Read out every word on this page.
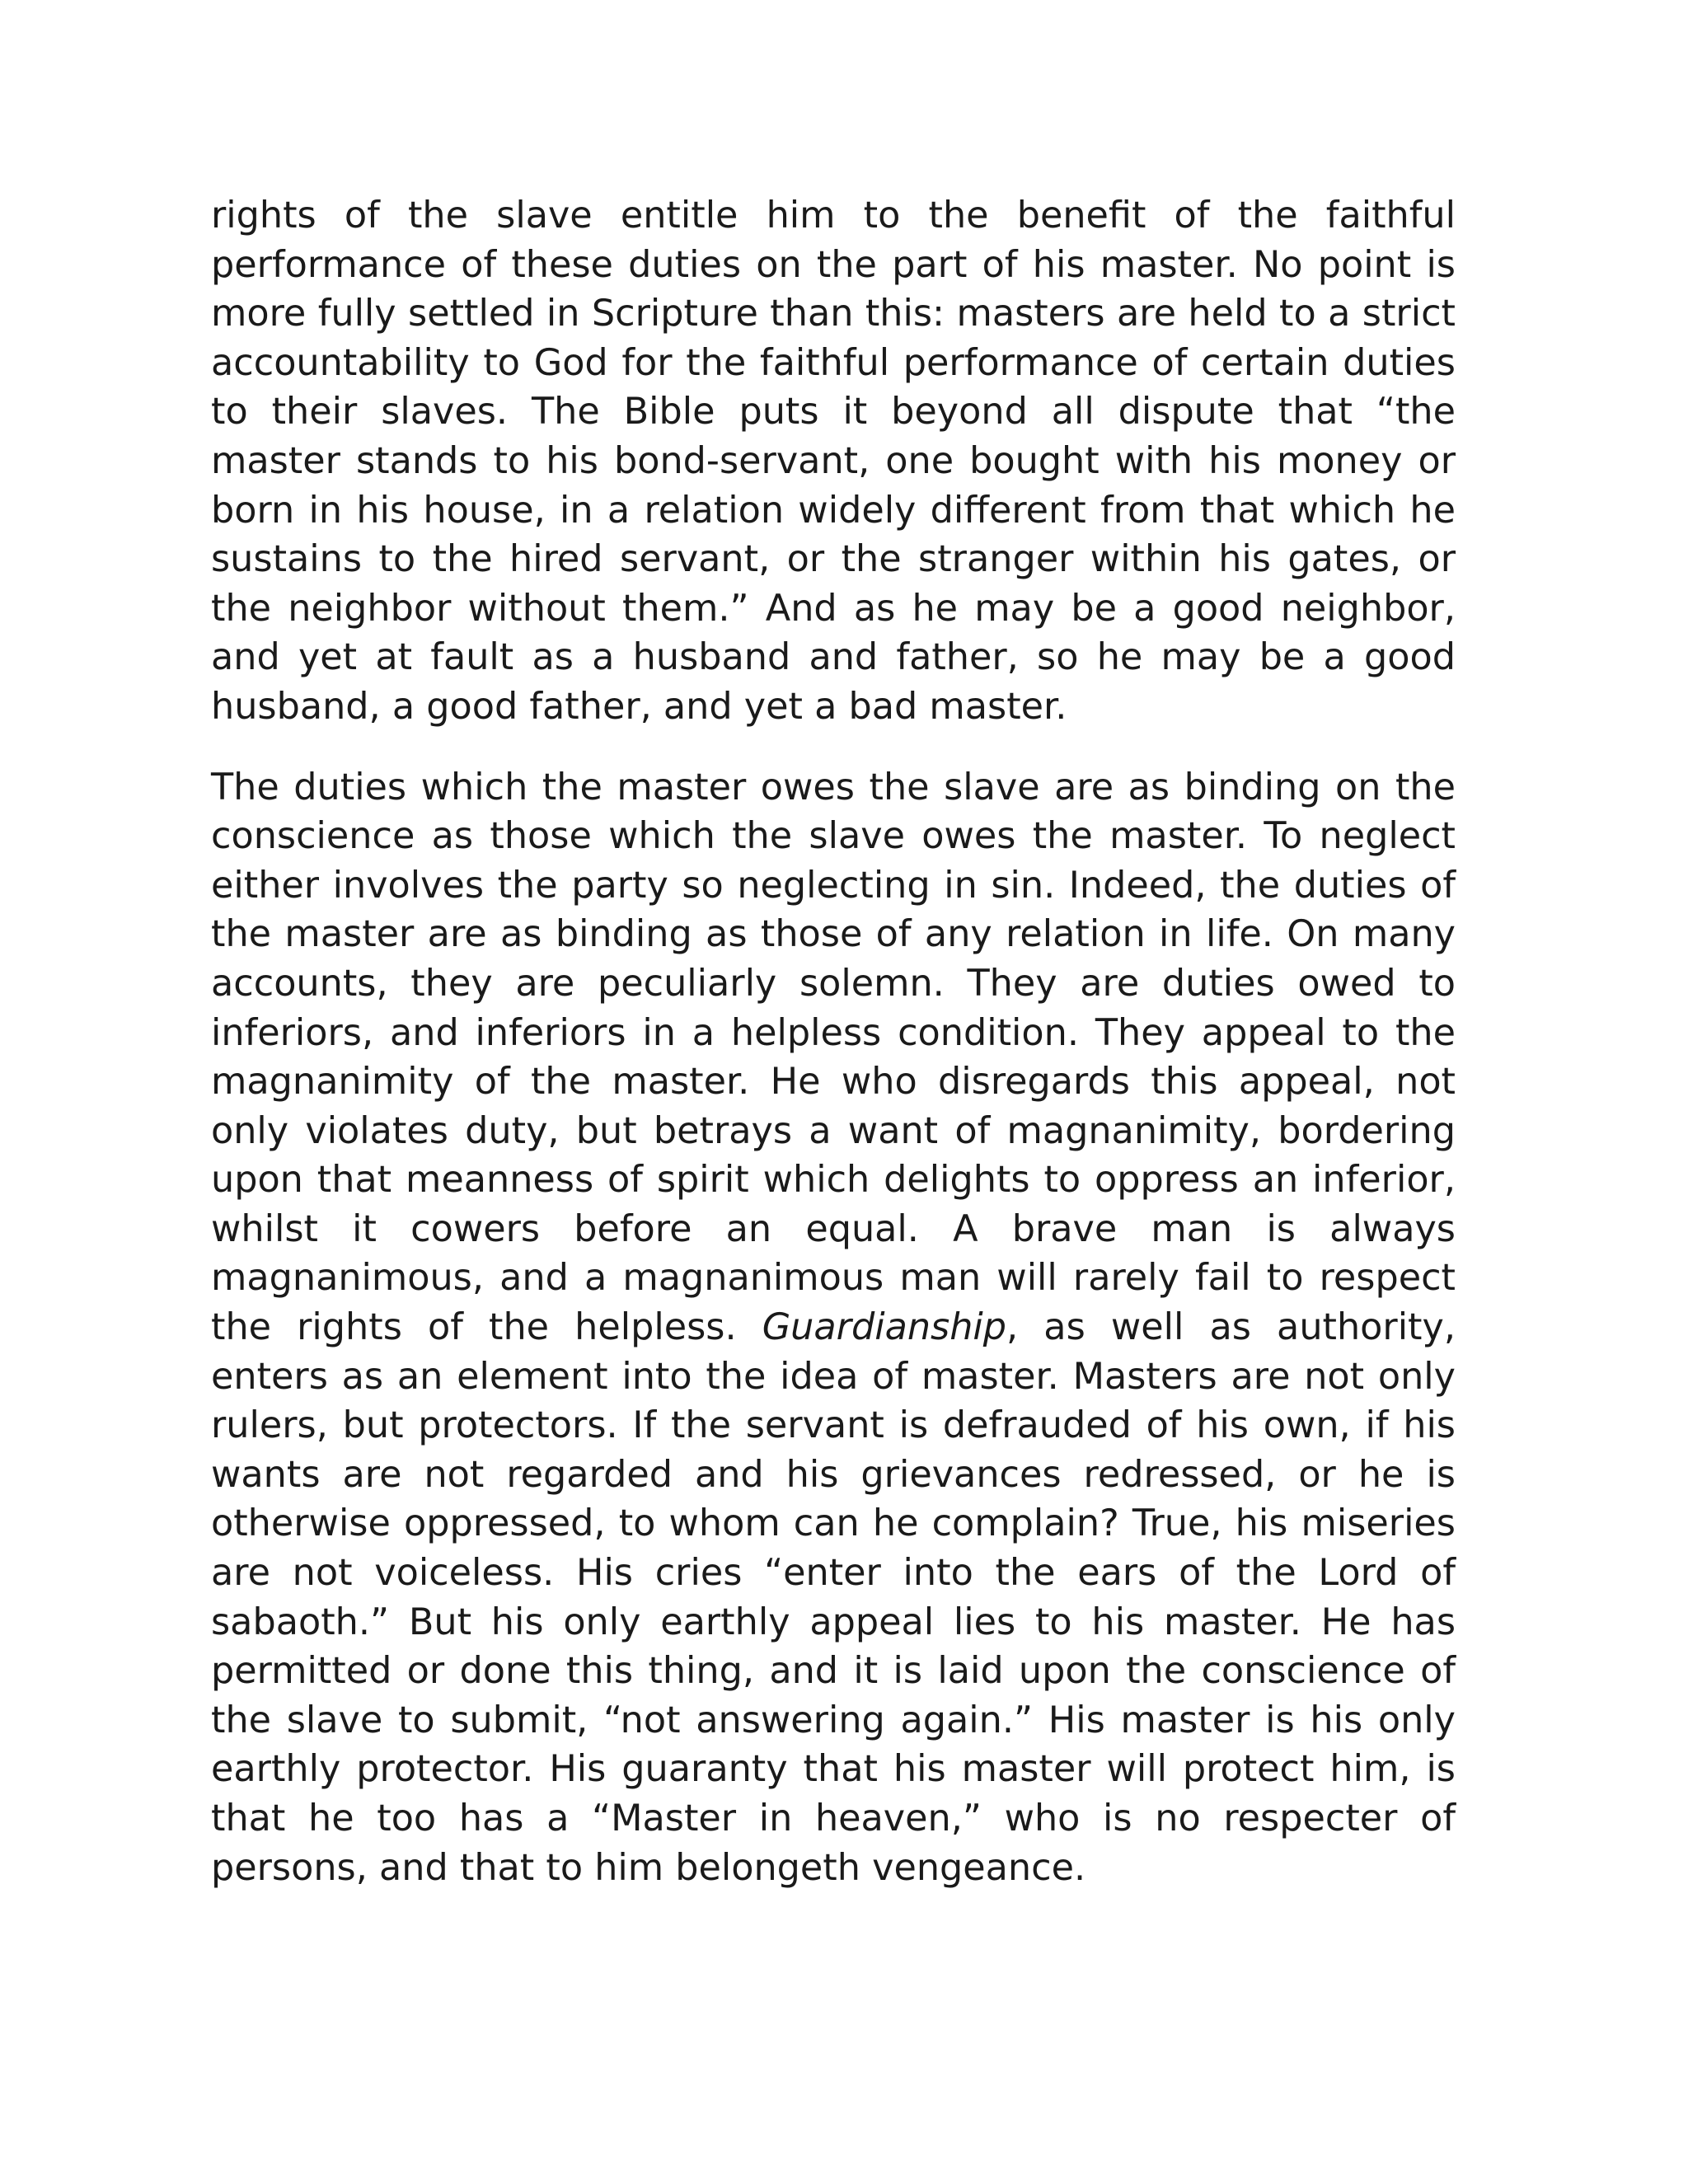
rights of the slave entitle him to the benefit of the faithful performance of these duties on the part of his master. No point is more fully settled in Scripture than this: masters are held to a strict accountability to God for the faithful performance of certain duties to their slaves. The Bible puts it beyond all dispute that “the master stands to his bond-servant, one bought with his money or born in his house, in a relation widely different from that which he sustains to the hired servant, or the stranger within his gates, or the neighbor without them.” And as he may be a good neighbor, and yet at fault as a husband and father, so he may be a good husband, a good father, and yet a bad master.

The duties which the master owes the slave are as binding on the conscience as those which the slave owes the master. To neglect either involves the party so neglecting in sin. Indeed, the duties of the master are as binding as those of any relation in life. On many accounts, they are peculiarly solemn. They are duties owed to inferiors, and inferiors in a helpless condition. They appeal to the magnanimity of the master. He who disregards this appeal, not only violates duty, but betrays a want of magnanimity, bordering upon that meanness of spirit which delights to oppress an inferior, whilst it cowers before an equal. A brave man is always magnanimous, and a magnanimous man will rarely fail to respect the rights of the helpless. Guardianship, as well as authority, enters as an element into the idea of master. Masters are not only rulers, but protectors. If the servant is defrauded of his own, if his wants are not regarded and his grievances redressed, or he is otherwise oppressed, to whom can he complain? True, his miseries are not voiceless. His cries “enter into the ears of the Lord of sabaoth.” But his only earthly appeal lies to his master. He has permitted or done this thing, and it is laid upon the conscience of the slave to submit, “not answering again.” His master is his only earthly protector. His guaranty that his master will protect him, is that he too has a “Master in heaven,” who is no respecter of persons, and that to him belongeth vengeance.
